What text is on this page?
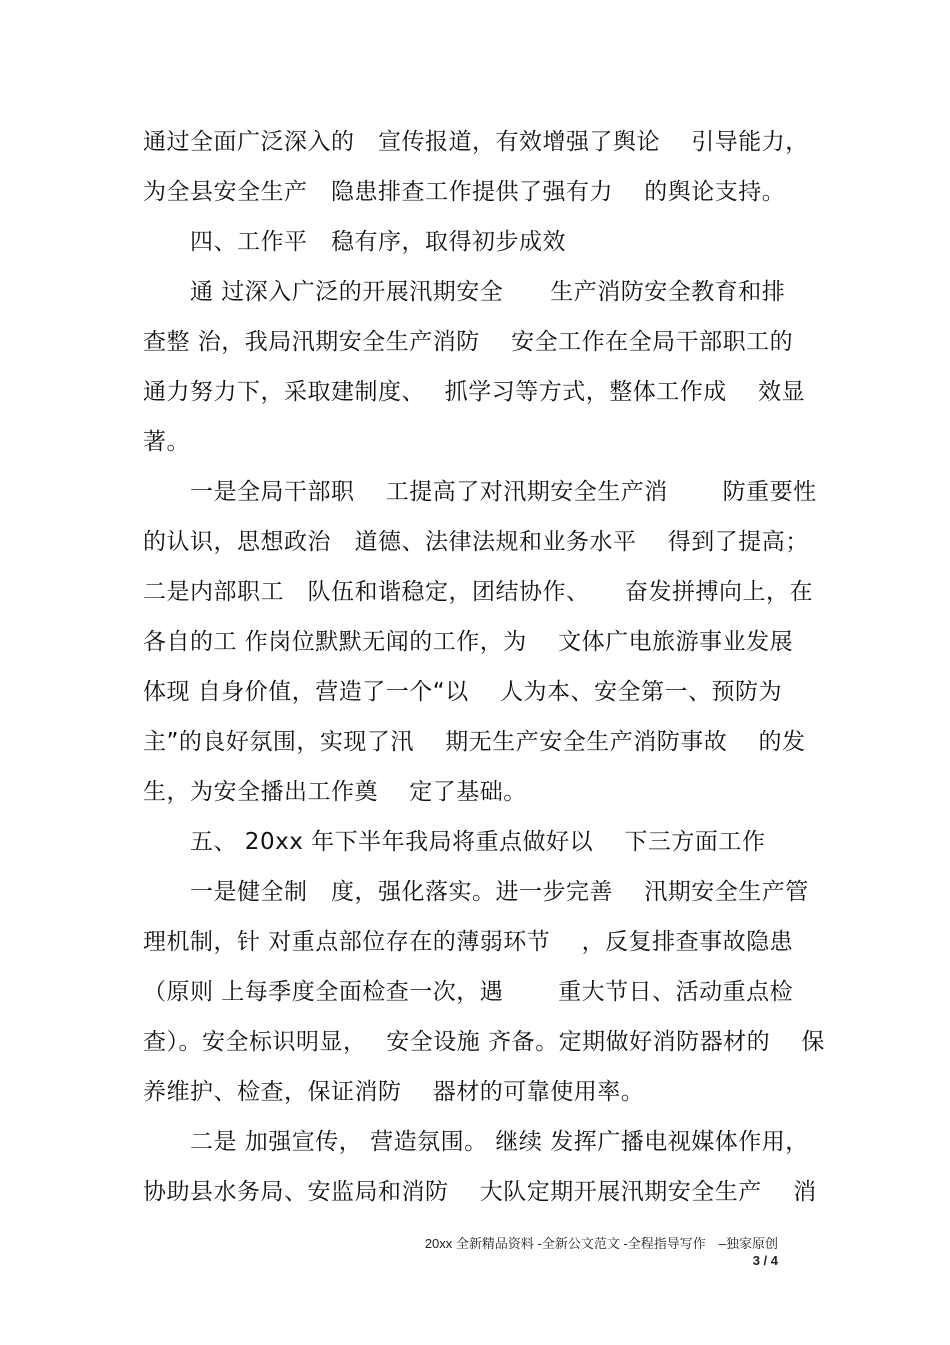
通过全面广泛深入的　宣传报道，有效增强了舆论　 引导能力，
为全县安全生产　隐患排查工作提供了强有力　 的舆论支持。
　　四、工作平　稳有序，取得初步成效
　　通 过深入广泛的开展汛期安全　　生产消防安全教育和排
查整 治，我局汛期安全生产消防　 安全工作在全局干部职工的
通力努力下，采取建制度、　 抓学习等方式，整体工作成　 效显
著。
　　一是全局干部职　 工提高了对汛期安全生产消　　 防重要性
的认识，思想政治　道德、法律法规和业务水平　 得到了提高；
二是内部职工　队伍和谐稳定，团结协作、　　奋发拼搏向上，在
各自的工 作岗位默默无闻的工作，为　 文体广电旅游事业发展
体现 自身价值，营造了一个“以　 人为本、安全第一、预防为
主”的良好氛围，实现了汛　 期无生产安全生产消防事故　 的发
生，为安全播出工作奠　 定了基础。
　　五、 20xx 年下半年我局将重点做好以　 下三方面工作
　　一是健全制　度，强化落实。进一步完善　 汛期安全生产管
理机制，针 对重点部位存在的薄弱环节　 ，反复排查事故隐患
（原则 上每季度全面检查一次，遇　　 重大节日、活动重点检
查）。安全标识明显，　 安全设施 齐备。定期做好消防器材的　 保
养维护、检查，保证消防　 器材的可靠使用率。
　　二是 加强宣传， 营造氛围。 继续 发挥广播电视媒体作用，
协助县水务局、安监局和消防　 大队定期开展汛期安全生产　 消
20xx 全新精品资料 -全新公文范文 -全程指导写作　–独家原创
3 / 4
